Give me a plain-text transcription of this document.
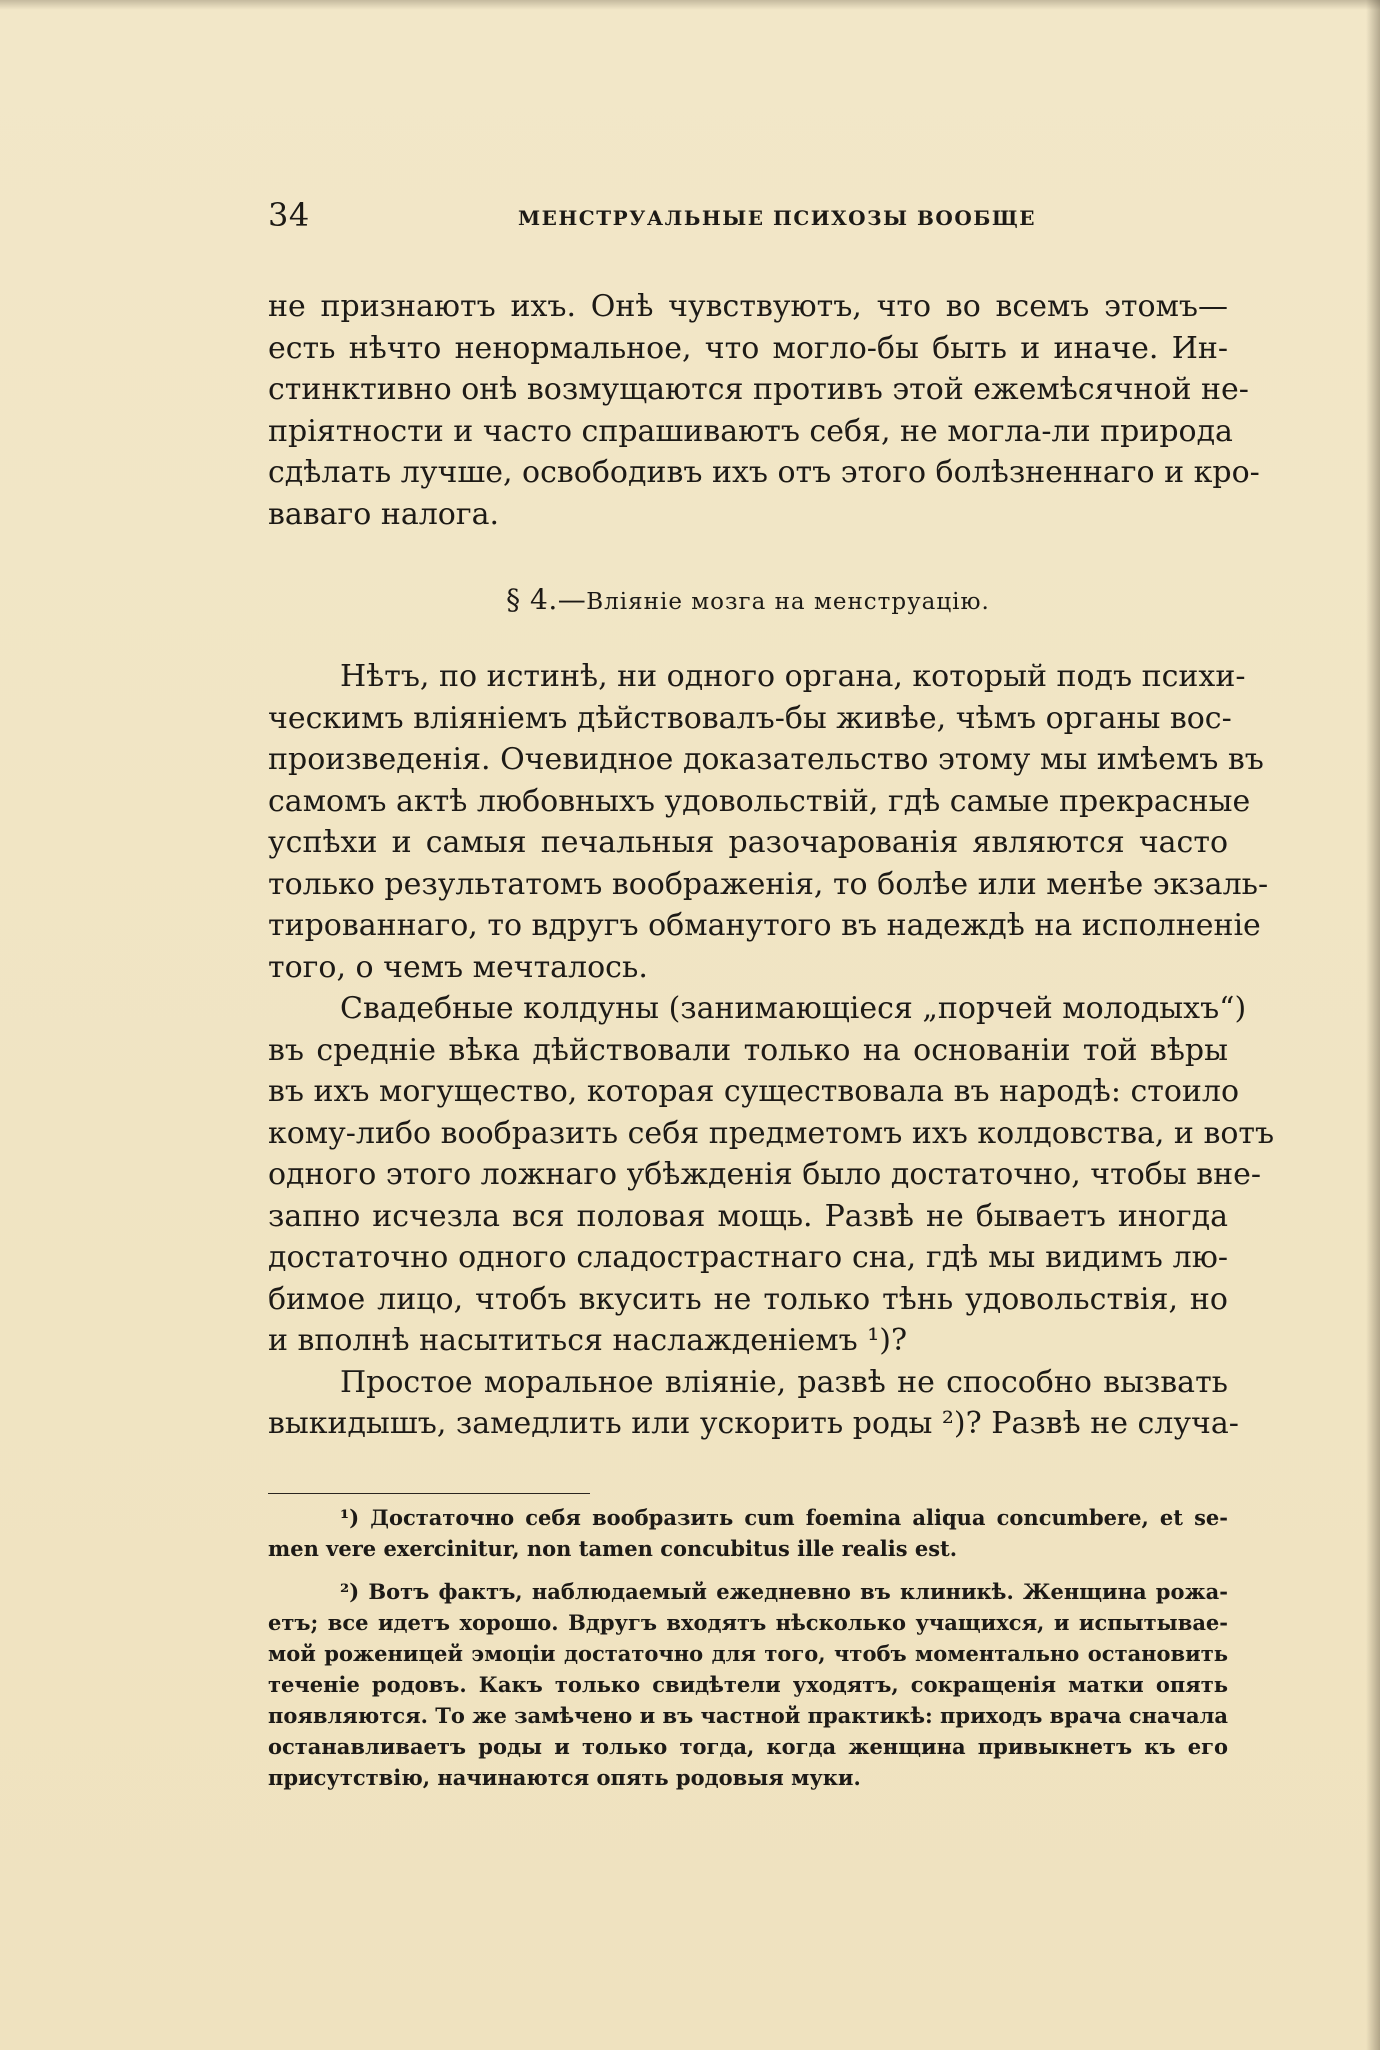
34	МЕНСТРУАЛЬНЫЕ ПСИХОЗЫ ВООБЩЕ

не признаютъ ихъ. Онѣ чувствуютъ, что во всемъ этомъ—
есть нѣчто ненормальное, что могло-бы быть и иначе. Ин-
стинктивно онѣ возмущаются противъ этой ежемѣсячной не-
пріятности и часто спрашиваютъ себя, не могла-ли природа
сдѣлать лучше, освободивъ ихъ отъ этого болѣзненнаго и кро-
ваваго налога.

§ 4.—Вліяніе мозга на менструацію.

Нѣтъ, по истинѣ, ни одного органа, который подъ психи-
ческимъ вліяніемъ дѣйствовалъ-бы живѣе, чѣмъ органы вос-
произведенія. Очевидное доказательство этому мы имѣемъ въ
самомъ актѣ любовныхъ удовольствій, гдѣ самые прекрасные
успѣхи и самыя печальныя разочарованія являются часто
только результатомъ воображенія, то болѣе или менѣе экзаль-
тированнаго, то вдругъ обманутого въ надеждѣ на исполненіе
того, о чемъ мечталось.

Свадебные колдуны (занимающіеся „порчей молодыхъ“)
въ средніе вѣка дѣйствовали только на основаніи той вѣры
въ ихъ могущество, которая существовала въ народѣ: стоило
кому-либо вообразить себя предметомъ ихъ колдовства, и вотъ
одного этого ложнаго убѣжденія было достаточно, чтобы вне-
запно исчезла вся половая мощь. Развѣ не бываетъ иногда
достаточно одного сладострастнаго сна, гдѣ мы видимъ лю-
бимое лицо, чтобъ вкусить не только тѣнь удовольствія, но
и вполнѣ насытиться наслажденіемъ ¹)?

Простое моральное вліяніе, развѣ не способно вызвать
выкидышъ, замедлить или ускорить роды ²)? Развѣ не случа-

¹) Достаточно себя вообразить cum foemina aliqua concumbere, et se-
men vere exercinitur, non tamen concubitus ille realis est.

²) Вотъ фактъ, наблюдаемый ежедневно въ клиникѣ. Женщина рожа-
етъ; все идетъ хорошо. Вдругъ входятъ нѣсколько учащихся, и испытывае-
мой роженицей эмоціи достаточно для того, чтобъ моментально остановить
теченіе родовъ. Какъ только свидѣтели уходятъ, сокращенія матки опять
появляются. То же замѣчено и въ частной практикѣ: приходъ врача сначала
останавливаетъ роды и только тогда, когда женщина привыкнетъ къ его
присутствію, начинаются опять родовыя муки.
